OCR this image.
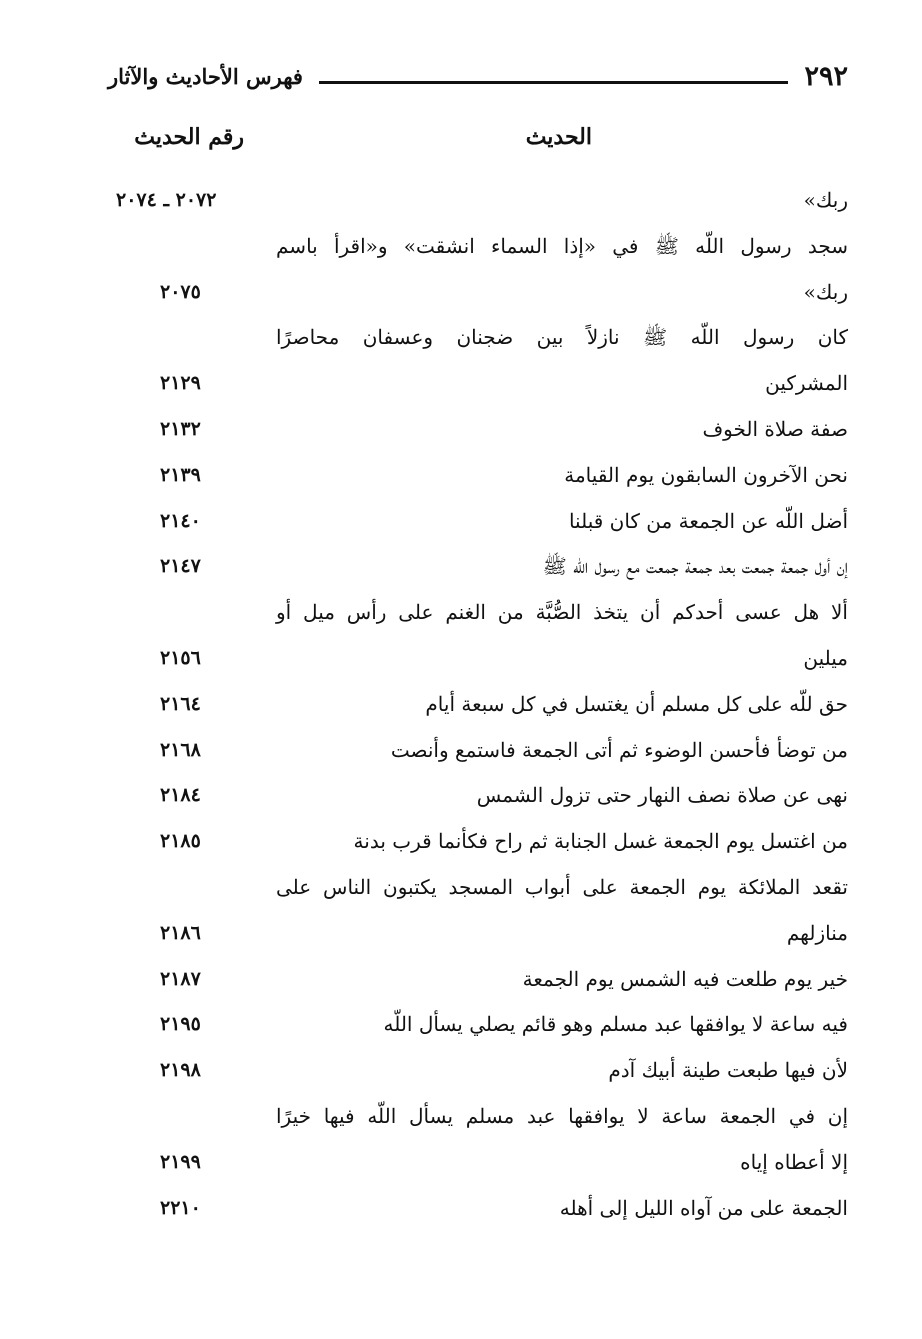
٢٩٢
فهرس الأحاديث والآثار
الحديث
رقم الحديث
ربك»
٢٠٧٢ ـ ٢٠٧٤
سجد رسول اللّه ﷺ في «إذا السماء انشقت» و«اقرأ باسم
ربك»
٢٠٧٥
كان رسول اللّه ﷺ نازلاً بين ضجنان وعسفان محاصرًا
المشركين
٢١٢٩
صفة صلاة الخوف
٢١٣٢
نحن الآخرون السابقون يوم القيامة
٢١٣٩
أضل اللّه عن الجمعة من كان قبلنا
٢١٤٠
إن أول جمعة جمعت بعد جمعة جمعت مع رسول اللّه ﷺ
٢١٤٧
ألا هل عسى أحدكم أن يتخذ الصُّبَّة من الغنم على رأس ميل أو
ميلين
٢١٥٦
حق للّه على كل مسلم أن يغتسل في كل سبعة أيام
٢١٦٤
من توضأ فأحسن الوضوء ثم أتى الجمعة فاستمع وأنصت
٢١٦٨
نهى عن صلاة نصف النهار حتى تزول الشمس
٢١٨٤
من اغتسل يوم الجمعة غسل الجنابة ثم راح فكأنما قرب بدنة
٢١٨٥
تقعد الملائكة يوم الجمعة على أبواب المسجد يكتبون الناس على
منازلهم
٢١٨٦
خير يوم طلعت فيه الشمس يوم الجمعة
٢١٨٧
فيه ساعة لا يوافقها عبد مسلم وهو قائم يصلي يسأل اللّه
٢١٩٥
لأن فيها طبعت طينة أبيك آدم
٢١٩٨
إن في الجمعة ساعة لا يوافقها عبد مسلم يسأل اللّه فيها خيرًا
إلا أعطاه إياه
٢١٩٩
الجمعة على من آواه الليل إلى أهله
٢٢١٠
